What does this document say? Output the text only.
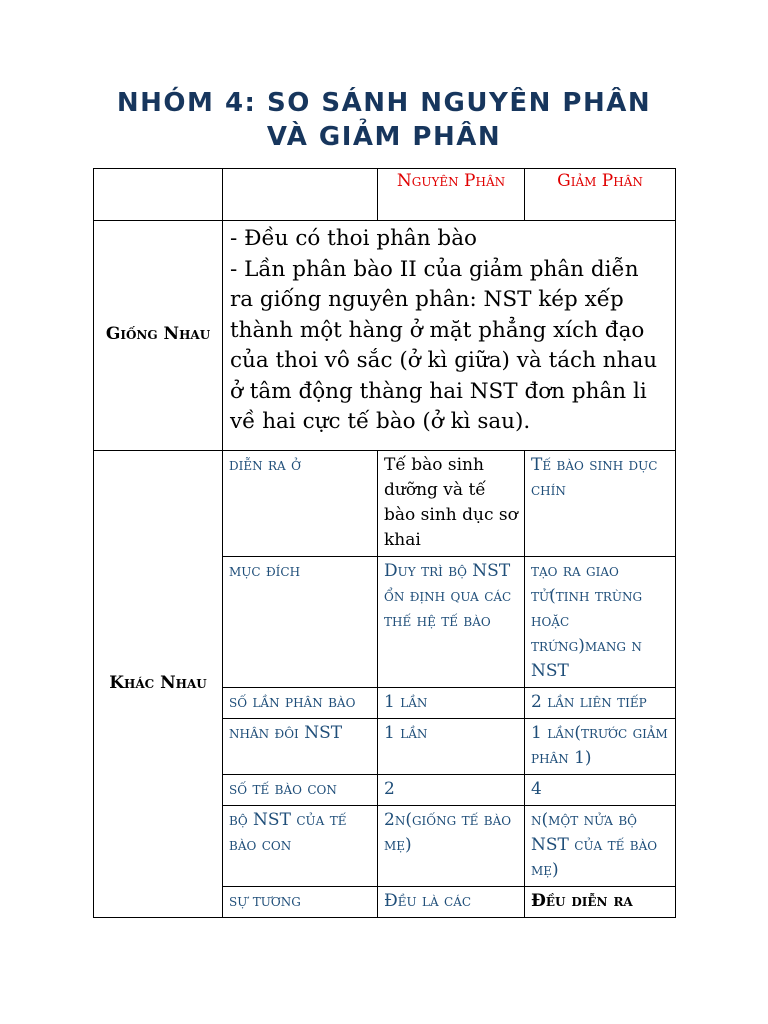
NHÓM 4: SO SÁNH NGUYÊN PHÂN
VÀ GIẢM PHÂN
		Nguyên Phân	Giảm Phân
Giống Nhau	- Đều có thoi phân bào
- Lần phân bào II của giảm phân diễn ra giống nguyên phân: NST kép xếp thành một hàng ở mặt phẳng xích đạo của thoi vô sắc (ở kì giữa) và tách nhau ở tâm động thàng hai NST đơn phân li về hai cực tế bào (ở kì sau).		

Khác Nhau	diễn ra ở	Tế bào sinh dưỡng và tế bào sinh dục sơ khai	Tế bào sinh dục chín
	mục đích	Duy trì bộ NST ổn định qua các thế hệ tế bào	tạo ra giao tử(tinh trùng hoặc trứng)mang n NST
	số lần phân bào	1 lần	2 lần liên tiếp
	nhân đôi NST	1 lần	1 lần(trước giảm phân 1)
	số tế bào con	2	4
	bộ NST của tế bào con	2n(giống tế bào mẹ)	n(một nửa bộ NST của tế bào mẹ)
	sự tương	Đều là các	Đều diễn ra
